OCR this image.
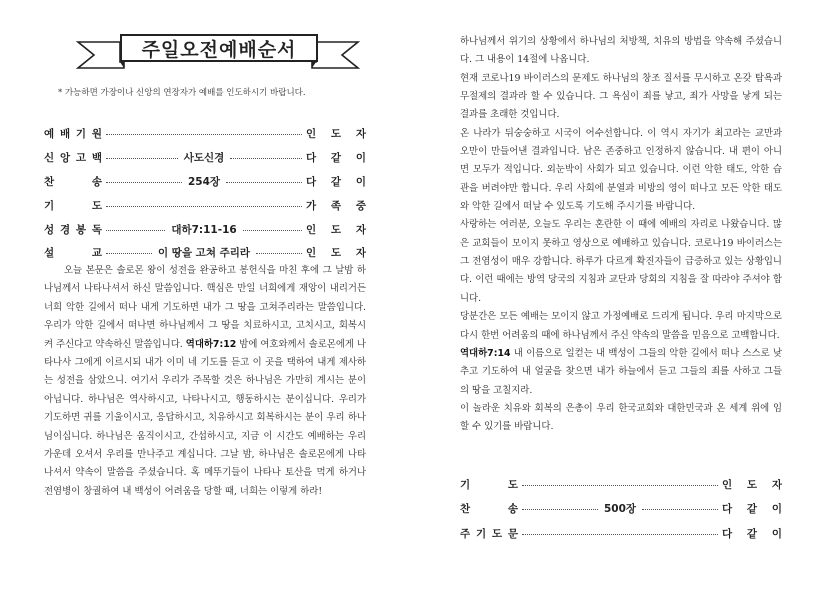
주일오전예배순서
* 가능하면 가장이나 신앙의 연장자가 예배를 인도하시기 바랍니다.
예 배 기 원	인 도 자
신 앙 고 백	사도신경	다 같 이
찬	송	254장	다 같 이
기	도	가 족 중
성 경 봉 독	대하7:11-16	인 도 자
설	교	이 땅을 고쳐 주리라	인 도 자

오늘 본문은 솔로몬 왕이 성전을 완공하고 봉헌식을 마친 후에 그 날밤 하나님께서 나타나셔서 하신 말씀입니다. 핵심은 만일 너희에게 재앙이 내리거든 너희 악한 길에서 떠나 내게 기도하면 내가 그 땅을 고쳐주리라는 말씀입니다. 우리가 악한 길에서 떠나면 하나님께서 그 땅을 치료하시고, 고치시고, 회복시켜 주신다고 약속하신 말씀입니다. 역대하7:12 밤에 여호와께서 솔로몬에게 나타나사 그에게 이르시되 내가 이미 네 기도를 듣고 이 곳을 택하여 내게 제사하는 성전을 삼았으니. 여기서 우리가 주목할 것은 하나님은 가만히 계시는 분이 아닙니다. 하나님은 역사하시고, 나타나시고, 행동하시는 분이십니다. 우리가 기도하면 귀를 기울이시고, 응답하시고, 치유하시고 회복하시는 분이 우리 하나님이십니다. 하나님은 움직이시고, 간섭하시고, 지금 이 시간도 예배하는 우리 가운데 오셔서 우리를 만나주고 계십니다. 그날 밤, 하나님은 솔로몬에게 나타나셔서 약속이 말씀을 주셨습니다. 혹 메뚜기들이 나타나 토산을 먹게 하거나 전염병이 창궐하여 내 백성이 어려움을 당할 때, 너희는 이렇게 하라!

하나님께서 위기의 상황에서 하나님의 처방책, 치유의 방법을 약속해 주셨습니다. 그 내용이 14절에 나옵니다.
현재 코로나19 바이러스의 문제도 하나님의 창조 질서를 무시하고 온갖 탐욕과 무절제의 결과라 할 수 있습니다. 그 욕심이 죄를 낳고, 죄가 사망을 낳게 되는 결과를 초래한 것입니다.
온 나라가 뒤숭숭하고 시국이 어수선합니다. 이 역시 자기가 최고라는 교만과 오만이 만들어낸 결과입니다. 남은 존중하고 인정하지 않습니다. 내 편이 아니면 모두가 적입니다. 외눈박이 사회가 되고 있습니다. 이런 악한 태도, 악한 습관을 버려야만 합니다. 우리 사회에 분열과 비방의 영이 떠나고 모든 악한 태도와 악한 길에서 떠날 수 있도록 기도해 주시기를 바랍니다.
사랑하는 여러분, 오늘도 우리는 혼란한 이 때에 예배의 자리로 나왔습니다. 많은 교회들이 모이지 못하고 영상으로 예배하고 있습니다. 코로나19 바이러스는 그 전염성이 매우 강합니다. 하루가 다르게 확진자들이 급증하고 있는 상황입니다. 이런 때에는 방역 당국의 지침과 교단과 당회의 지침을 잘 따라야 주셔야 합니다.
당분간은 모든 예배는 모이지 않고 가정예배로 드리게 됩니다. 우리 마지막으로 다시 한번 어려움의 때에 하나님께서 주신 약속의 말씀을 믿음으로 고백합니다.
역대하7:14 내 이름으로 일컫는 내 백성이 그들의 악한 길에서 떠나 스스로 낮추고 기도하여 내 얼굴을 찾으면 내가 하늘에서 듣고 그들의 죄를 사하고 그들의 땅을 고칠지라.
이 놀라운 치유와 회복의 은총이 우리 한국교회와 대한민국과 온 세계 위에 임할 수 있기를 바랍니다.
기	도	인 도 자
찬	송	500장	다 같 이
주 기 도 문	다 같 이
